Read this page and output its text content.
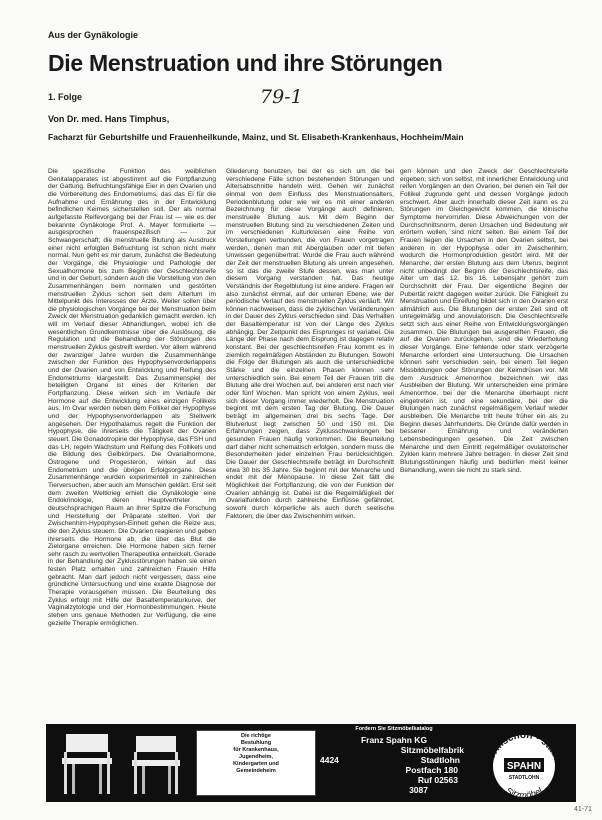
Aus der Gynäkologie
Die Menstruation und ihre Störungen
79-1
1. Folge
Von Dr. med. Hans Timphus,
Facharzt für Geburtshilfe und Frauenheilkunde, Mainz, und St. Elisabeth-Krankenhaus, Hochheim/Main

Die spezifische Funktion des weiblichen Genitalapparates ist abgestimmt auf die Fortpflanzung der Gattung. Befruchtungsfähige Eier in den Ovarien und die Vorbereitung des Endometriums, das das Ei für die Aufnahme und Ernährung des in der Entwicklung befindlichen Keimes sicherstellen soll. Der als normal aufgefasste Reifevorgang bei der Frau ist — wie es der bekannte Gynäkologe Prof. A. Mayer formulierte — ausgesprochen frauenspezifisch — zur Schwangerschaft; die menstruelle Blutung als Ausdruck einer nicht erfolgten Befruchtung ist schon nicht mehr normal. Nun geht es mir darum, zunächst die Bedeutung der Vorgänge, die Physiologie und Pathologie der Sexualhormone bis zum Beginn der Geschlechtsreife und in der Geburt, sondern auch die Vorstellung von den Zusammenhängen beim normalen und gestörten menstruellen Zyklus schon seit dem Altertum im Mittelpunkt des Interesses der Ärzte. Weiter sollen über die physiologischen Vorgänge bei der Menstruation beim Zweck der Menstruation gedanklich gemacht werden. Ich will im Verlauf dieser Abhandlungen, wobei ich die wesentlichen Grundkenntnisse über die Auslösung, die Regulation und die Behandlung der Störungen des menstruellen Zyklus gestreift werden. Vor allem während der zwanziger Jahre wurden die Zusammenhänge zwischen der Funktion des Hypophysenvorderlappens und der Ovarien und von Entwicklung und Reifung des Endometriums klargestellt. Das Zusammenspiel der beteiligten Organe ist eines der Kriterien der Fortpflanzung. Diese wirken sich im Verlaufe der Hormone auf die Entwicklung eines einzigen Follikels aus. Im Ovar werden neben dem Follikel der Hypophyse und der Hypophysenvorderlappen als Stellwerk angesehen. Der Hypothalamus regelt die Funktion der Hypophyse, die ihrerseits die Tätigkeit der Ovarien steuert. Die Gonadotropine der Hypophyse, das FSH und das LH, regeln Wachstum und Reifung des Follikels und die Bildung des Gelbkörpers. Die Ovarialhormone, Östrogene und Progesteron, wirken auf das Endometrium und die übrigen Erfolgsorgane. Diese Zusammenhänge wurden experimentell in zahlreichen Tierversuchen, aber auch am Menschen geklärt. Erst seit dem zweiten Weltkrieg erhielt die Gynäkologie eine Endokrinologie, deren Hauptvertreter im deutschsprachigen Raum an ihrer Spitze die Forschung und Herstellung der Präparate stellten. Von der Zwischenhirn-Hypophysen-Einheit gehen die Reize aus, die den Zyklus steuern. Die Ovarien reagieren und geben ihrerseits die Hormone ab, die über das Blut die Zielorgane erreichen. Die Hormone haben sich ferner sehr rasch zu wertvollen Therapeutika entwickelt. Gerade in der Behandlung der Zyklusstörungen haben sie einen festen Platz erhalten und zahlreichen Frauen Hilfe gebracht. Man darf jedoch nicht vergessen, dass eine gründliche Untersuchung und eine exakte Diagnose der Therapie vorausgehen müssen. Die Beurteilung des Zyklus erfolgt mit Hilfe der Basaltemperaturkurve, der Vaginalzytologie und der Hormonbestimmungen. Heute stehen uns genaue Methoden zur Verfügung, die eine gezielte Therapie ermöglichen.

Gliederung benutzen, bei der es sich um die bei verschiedene Fälle schon bestehenden Störungen und Altersabschnitte handeln wird. Gehen wir zunächst einmal von dem Einfluss des Menstruationsalters, Periodenblutung oder wie wir es mit einer anderen Bezeichnung für diese Vorgänge auch definieren, menstruelle Blutung aus. Mit dem Beginn der menstruellen Blutung sind zu verschiedenen Zeiten und im verschiedenen Kulturkreisen eine Reihe von Vorstellungen verbunden, die von Frauen vorgetragen werden, denen man mit Aberglauben oder mit tiefen Unwissen gegenübertrat. Wurde die Frau auch während der Zeit der menstruellen Blutung als unrein angesehen, so ist das die zweite Stufe dessen, was man unter diesem Vorgang verstanden hat. Das heutige Verständnis der Regelblutung ist eine andere. Fragen wir also zunächst einmal, auf der unteren Ebene, wie der periodische Verlauf des menstruellen Zyklus verläuft. Wir können nachweisen, dass die zyklischen Veränderungen in der Dauer des Zyklus verschieden sind. Das Verhalten der Basaltemperatur ist von der Länge des Zyklus abhängig. Der Zeitpunkt des Eisprunges ist variabel. Die Länge der Phase nach dem Eisprung ist dagegen relativ konstant. Bei der geschlechtsreifen Frau kommt es in ziemlich regelmäßigen Abständen zu Blutungen. Sowohl die Folge der Blutungen als auch die unterschiedliche Stärke und die einzelnen Phasen können sehr unterschiedlich sein. Bei einem Teil der Frauen tritt die Blutung alle drei Wochen auf, bei anderen erst nach vier oder fünf Wochen. Man spricht von einem Zyklus, weil sich dieser Vorgang immer wiederholt. Die Menstruation beginnt mit dem ersten Tag der Blutung. Die Dauer beträgt im allgemeinen drei bis sechs Tage. Der Blutverlust liegt zwischen 50 und 150 ml. Die Erfahrungen zeigen, dass Zyklusschwankungen bei gesunden Frauen häufig vorkommen. Die Beurteilung darf daher nicht schematisch erfolgen, sondern muss die Besonderheiten jeder einzelnen Frau berücksichtigen. Die Dauer der Geschlechtsreife beträgt im Durchschnitt etwa 30 bis 35 Jahre. Sie beginnt mit der Menarche und endet mit der Menopause. In diese Zeit fällt die Möglichkeit der Fortpflanzung, die von der Funktion der Ovarien abhängig ist. Dabei ist die Regelmäßigkeit der Ovarialfunktion durch zahlreiche Einflüsse gefährdet, sowohl durch körperliche als auch durch seelische Faktoren, die über das Zwischenhirn wirken.

gen können und den Zweck der Geschlechtsreife ergeben, sich von selbst, mit innerlicher Entwicklung und reifen Vorgängen an den Ovarien, bei denen ein Teil der Follikel zugrunde geht und dessen Vorgänge jedoch erschwert. Aber auch innerhalb dieser Zeit kann es zu Störungen im Gleichgewicht kommen, die klinische Symptome hervorrufen. Diese Abweichungen von der Durchschnittsnorm, deren Ursachen und Bedeutung wir erörtern wollen, sind nicht selten. Bei einem Teil der Frauen liegen die Ursachen in den Ovarien selbst, bei anderen in der Hypophyse oder im Zwischenhirn, wodurch die Hormonproduktion gestört wird. Mit der Menarche, der ersten Blutung aus dem Uterus, beginnt nicht unbedingt der Beginn der Geschlechtsreife, das Alter um das 12. bis 16. Lebensjahr gehört zum Durchschnitt der Frau. Der eigentliche Beginn der Pubertät reicht dagegen weiter zurück. Die Fähigkeit zu Menstruation und Eireifung bildet sich in den Ovarien erst allmählich aus. Die Blutungen der ersten Zeit sind oft unregelmäßig und anovulatorisch. Die Geschlechtsreife setzt sich aus einer Reihe von Entwicklungsvorgängen zusammen. Die Blutungen bei ausgereiften Frauen, die auf die Ovarien zurückgehen, sind die Wiederholung dieser Vorgänge. Eine fehlende oder stark verzögerte Menarche erfordert eine Untersuchung. Die Ursachen können sehr verschieden sein, bei einem Teil liegen Missbildungen oder Störungen der Keimdrüsen vor. Mit dem Ausdruck Amenorrhoe bezeichnen wir das Ausbleiben der Blutung. Wir unterscheiden eine primäre Amenorrhoe, bei der die Menarche überhaupt nicht eingetreten ist, und eine sekundäre, bei der die Blutungen nach zunächst regelmäßigem Verlauf wieder ausbleiben. Die Menarche tritt heute früher ein als zu Beginn dieses Jahrhunderts. Die Gründe dafür werden in besserer Ernährung und veränderten Lebensbedingungen gesehen. Die Zeit zwischen Menarche und dem Eintritt regelmäßiger ovulatorischer Zyklen kann mehrere Jahre betragen. In dieser Zeit sind Blutungsstörungen häufig und bedürfen meist keiner Behandlung, wenn sie nicht zu stark sind.

Die richtige
Bestuhlung
für Krankenhaus,
Jugendheim,
Kindergarten und
Gemeindeheim
Fordern Sie Sitzmöbelkatalog
Franz Spahn KG
Sitzmöbelfabrik
4424	Stadtlohn
Postfach 180
Ruf 02563
3087
formschön • stabil
SPAHN
STADTLOHN
Sitzmöbel
41-71
